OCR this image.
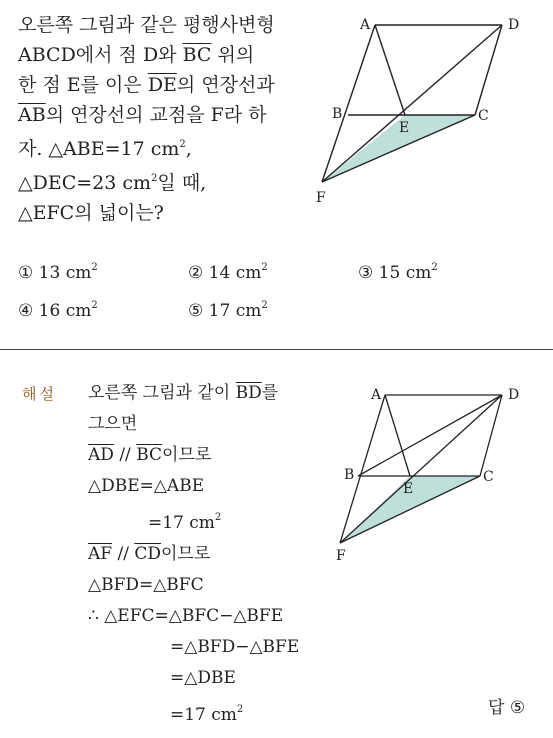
오른쪽 그림과 같은 평행사변형
ABCD에서 점 D와 $\overline{BC}$ 위의
한 점 E를 이은 $\overline{DE}$의 연장선과
$\overline{AB}$의 연장선의 교점을 F라 하
자. △ABE=17 $cm^2$,
△DEC=23 $cm^2$일 때,
△EFC의 넓이는?
A	D
B	C
E
F
① 13 $cm^2$	② 14 $cm^2$	③ 15 $cm^2$
④ 16 $cm^2$	⑤ 17 $cm^2$
해설 오른쪽 그림과 같이 $\overline{BD}$를
그으면
$\overline{AD} // \overline{BC}$이므로
△DBE=△ABE
=17 $cm^2$
$\overline{AF} // \overline{CD}$이므로
△BFD=△BFC
∴ △EFC=△BFC−△BFE
=△BFD−△BFE
=△DBE
=17 $cm^2$
A	D
B	C
E
F
답 ⑤
